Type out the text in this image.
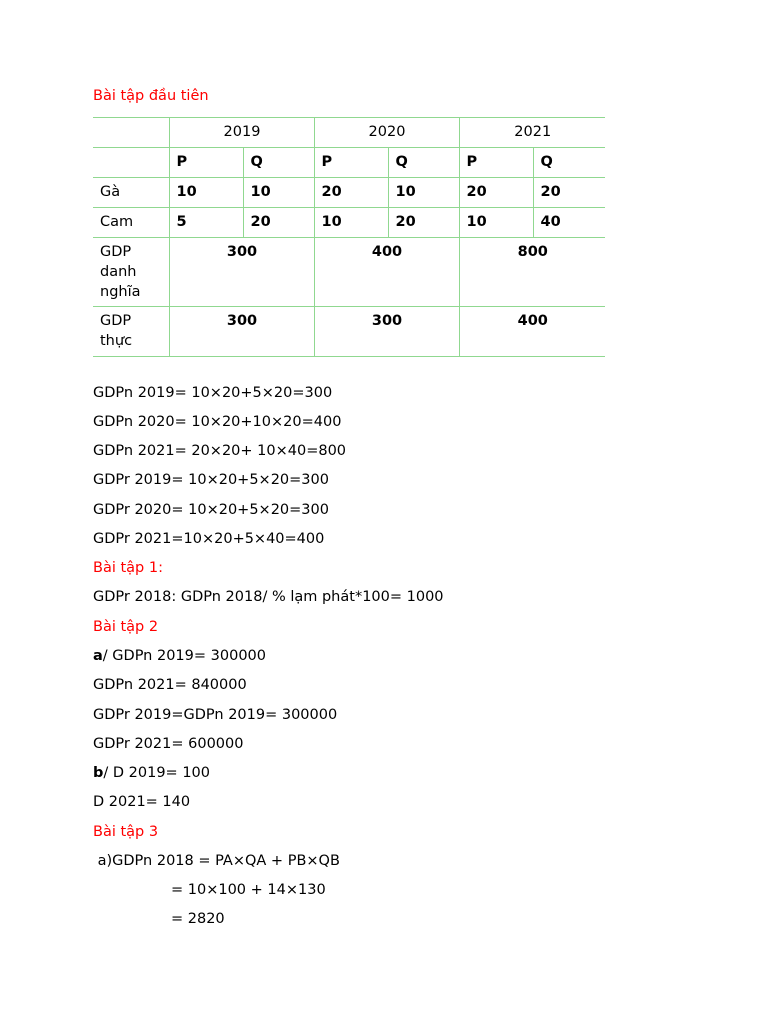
Bài tập đầu tiên
	2019		2020		2021	
	P	Q	P	Q	P	Q
Gà	10	10	20	10	20	20
Cam	5	20	10	20	10	40
GDP danh nghĩa	300		400		800	
GDP thực	300		300		400	
GDPn 2019= 10×20+5×20=300
GDPn 2020= 10×20+10×20=400
GDPn 2021= 20×20+ 10×40=800
GDPr 2019= 10×20+5×20=300
GDPr 2020= 10×20+5×20=300
GDPr 2021=10×20+5×40=400
Bài tập 1:
GDPr 2018: GDPn 2018/ % lạm phát*100= 1000
Bài tập 2
a/ GDPn 2019= 300000
GDPn 2021= 840000
GDPr 2019=GDPn 2019= 300000
GDPr 2021= 600000
b/ D 2019= 100
D 2021= 140
Bài tập 3
a)GDPn 2018 = PA×QA + PB×QB
= 10×100 + 14×130
= 2820
